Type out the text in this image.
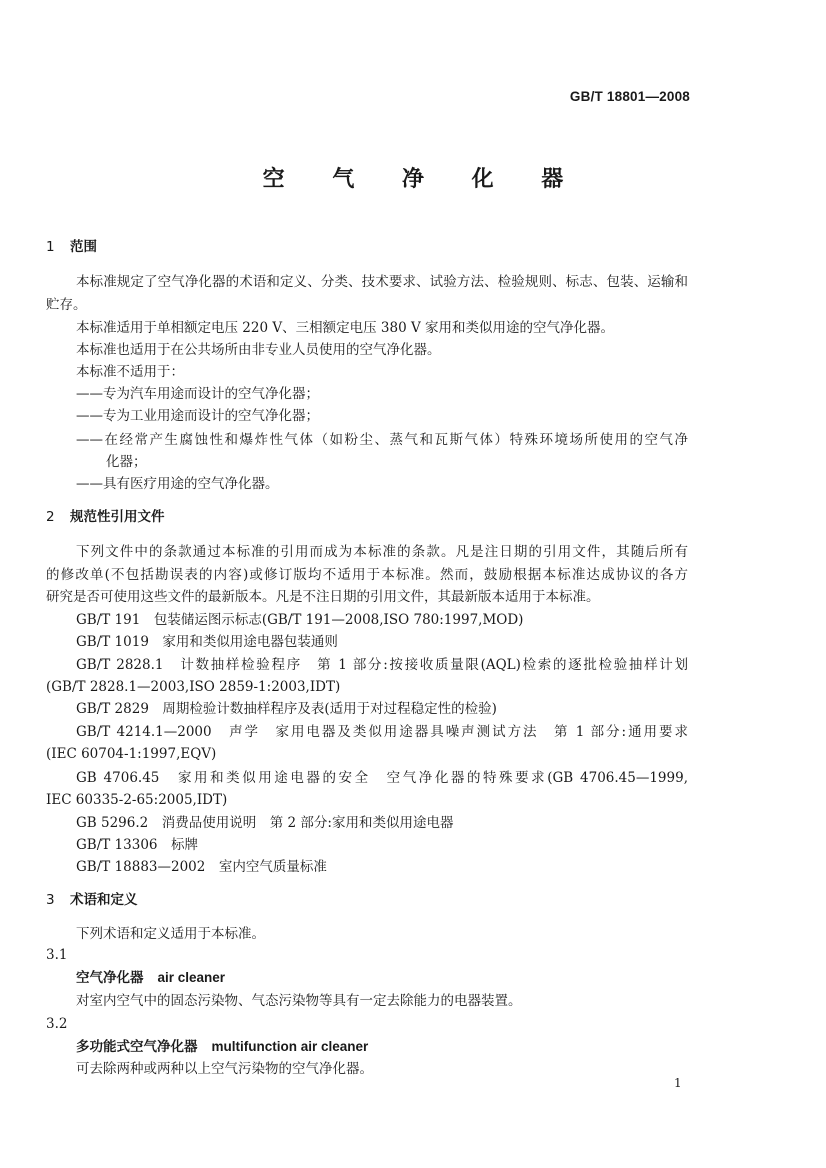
GB/T 18801—2008
空 气 净 化 器
1 范围
本标准规定了空气净化器的术语和定义、分类、技术要求、试验方法、检验规则、标志、包装、运输和
贮存。
本标准适用于单相额定电压 220 V、三相额定电压 380 V 家用和类似用途的空气净化器。
本标准也适用于在公共场所由非专业人员使用的空气净化器。
本标准不适用于：
——专为汽车用途而设计的空气净化器；
——专为工业用途而设计的空气净化器；
——在经常产生腐蚀性和爆炸性气体（如粉尘、蒸气和瓦斯气体）特殊环境场所使用的空气净
化器；
——具有医疗用途的空气净化器。
2 规范性引用文件
下列文件中的条款通过本标准的引用而成为本标准的条款。凡是注日期的引用文件，其随后所有
的修改单(不包括勘误表的内容)或修订版均不适用于本标准。然而，鼓励根据本标准达成协议的各方
研究是否可使用这些文件的最新版本。凡是不注日期的引用文件，其最新版本适用于本标准。
GB/T 191　包装储运图示标志(GB/T 191—2008,ISO 780:1997,MOD)
GB/T 1019　家用和类似用途电器包装通则
GB/T 2828.1　计数抽样检验程序　第 1 部分:按接收质量限(AQL)检索的逐批检验抽样计划
(GB/T 2828.1—2003,ISO 2859-1:2003,IDT)
GB/T 2829　周期检验计数抽样程序及表(适用于对过程稳定性的检验)
GB/T 4214.1—2000　声学　家用电器及类似用途器具噪声测试方法　第 1 部分:通用要求
(IEC 60704-1:1997,EQV)
GB 4706.45　家用和类似用途电器的安全　空气净化器的特殊要求(GB 4706.45—1999,
IEC 60335-2-65:2005,IDT)
GB 5296.2　消费品使用说明　第 2 部分:家用和类似用途电器
GB/T 13306　标牌
GB/T 18883—2002　室内空气质量标准
3 术语和定义
下列术语和定义适用于本标准。
3.1
空气净化器 air cleaner
对室内空气中的固态污染物、气态污染物等具有一定去除能力的电器装置。
3.2
多功能式空气净化器 multifunction air cleaner
可去除两种或两种以上空气污染物的空气净化器。
1
